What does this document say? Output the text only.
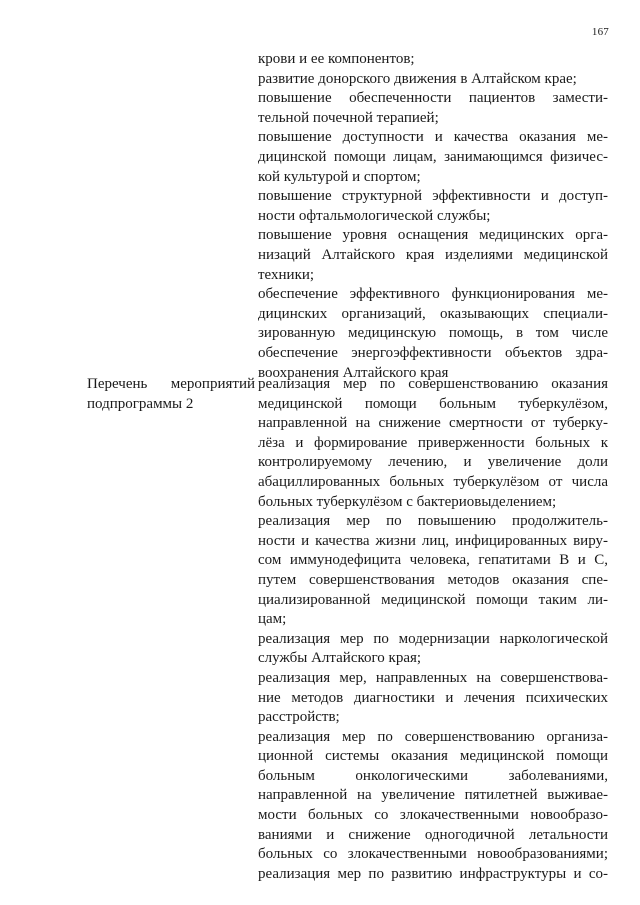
167
крови и ее компонентов;
развитие донорского движения в Алтайском крае;
повышение обеспеченности пациентов замести-
тельной почечной терапией;
повышение доступности и качества оказания ме-
дицинской помощи лицам, занимающимся физичес-
кой культурой и спортом;
повышение структурной эффективности и доступ-
ности офтальмологической службы;
повышение уровня оснащения медицинских орга-
низаций Алтайского края изделиями медицинской
техники;
обеспечение эффективного функционирования ме-
дицинских организаций, оказывающих специали-
зированную медицинскую помощь, в том числе
обеспечение энергоэффективности объектов здра-
воохранения Алтайского края

Перечень мероприятий

подпрограммы 2

реализация мер по совершенствованию оказания
медицинской помощи больным туберкулёзом,
направленной на снижение смертности от туберку-
лёза и формирование приверженности больных к
контролируемому лечению, и увеличение доли
абациллированных больных туберкулёзом от числа
больных туберкулёзом с бактериовыделением;
реализация мер по повышению продолжитель-
ности и качества жизни лиц, инфицированных виру-
сом иммунодефицита человека, гепатитами В и С,
путем совершенствования методов оказания спе-
циализированной медицинской помощи таким ли-
цам;
реализация мер по модернизации наркологической
службы Алтайского края;
реализация мер, направленных на совершенствова-
ние методов диагностики и лечения психических
расстройств;
реализация мер по совершенствованию организа-
ционной системы оказания медицинской помощи
больным онкологическими заболеваниями,
направленной на увеличение пятилетней выживае-
мости больных со злокачественными новообразо-
ваниями и снижение одногодичной летальности
больных со злокачественными новообразованиями;
реализация мер по развитию инфраструктуры и со-
